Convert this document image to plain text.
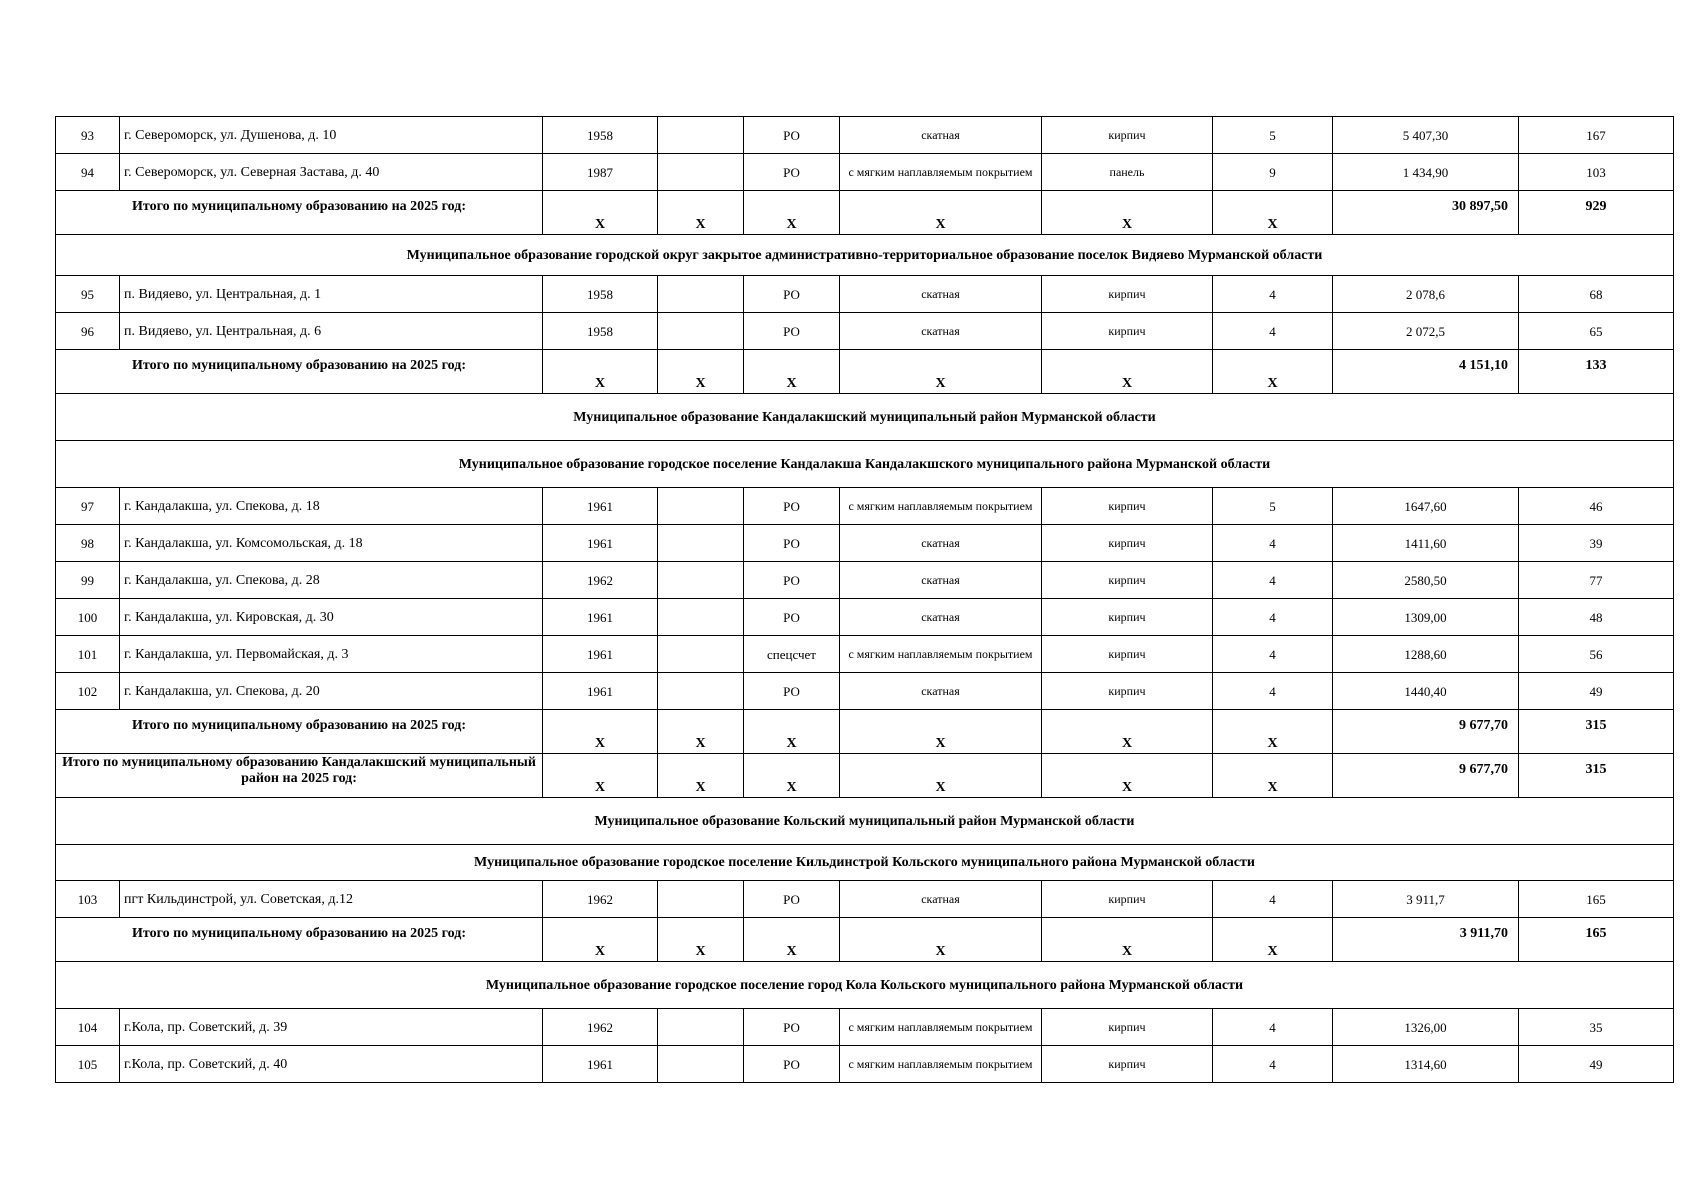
93	г. Североморск, ул. Душенова, д. 10	1958		РО	скатная	кирпич	5	5 407,30	167
94	г. Североморск, ул. Северная Застава, д. 40	1987		РО	с мягким наплавляемым покрытием	панель	9	1 434,90	103
Итого по муниципальному образованию на 2025 год:		X	X	X	X	X	X	30 897,50	929
Муниципальное образование городской округ закрытое административно-территориальное образование поселок Видяево Мурманской области									
95	п. Видяево, ул. Центральная, д. 1	1958		РО	скатная	кирпич	4	2 078,6	68
96	п. Видяево, ул. Центральная, д. 6	1958		РО	скатная	кирпич	4	2 072,5	65
Итого по муниципальному образованию на 2025 год:		X	X	X	X	X	X	4 151,10	133
Муниципальное образование Кандалакшский муниципальный район Мурманской области									
Муниципальное образование городское поселение Кандалакша Кандалакшского муниципального района Мурманской области									
97	г. Кандалакша, ул. Спекова, д. 18	1961		РО	с мягким наплавляемым покрытием	кирпич	5	1647,60	46
98	г. Кандалакша, ул. Комсомольская, д. 18	1961		РО	скатная	кирпич	4	1411,60	39
99	г. Кандалакша, ул. Спекова, д. 28	1962		РО	скатная	кирпич	4	2580,50	77
100	г. Кандалакша, ул. Кировская, д. 30	1961		РО	скатная	кирпич	4	1309,00	48
101	г. Кандалакша, ул. Первомайская, д. 3	1961		спецсчет	с мягким наплавляемым покрытием	кирпич	4	1288,60	56
102	г. Кандалакша, ул. Спекова, д. 20	1961		РО	скатная	кирпич	4	1440,40	49
Итого по муниципальному образованию на 2025 год:		X	X	X	X	X	X	9 677,70	315
Итого по муниципальному образованию Кандалакшский муниципальный район на 2025 год:		X	X	X	X	X	X	9 677,70	315
Муниципальное образование Кольский муниципальный район Мурманской области									
Муниципальное образование городское поселение Кильдинстрой Кольского муниципального района Мурманской области									
103	пгт Кильдинстрой, ул. Советская, д.12	1962		РО	скатная	кирпич	4	3 911,7	165
Итого по муниципальному образованию на 2025 год:		X	X	X	X	X	X	3 911,70	165
Муниципальное образование городское поселение город Кола Кольского муниципального района Мурманской области									
104	г.Кола, пр. Советский, д. 39	1962		РО	с мягким наплавляемым покрытием	кирпич	4	1326,00	35
105	г.Кола, пр. Советский, д. 40	1961		РО	с мягким наплавляемым покрытием	кирпич	4	1314,60	49
